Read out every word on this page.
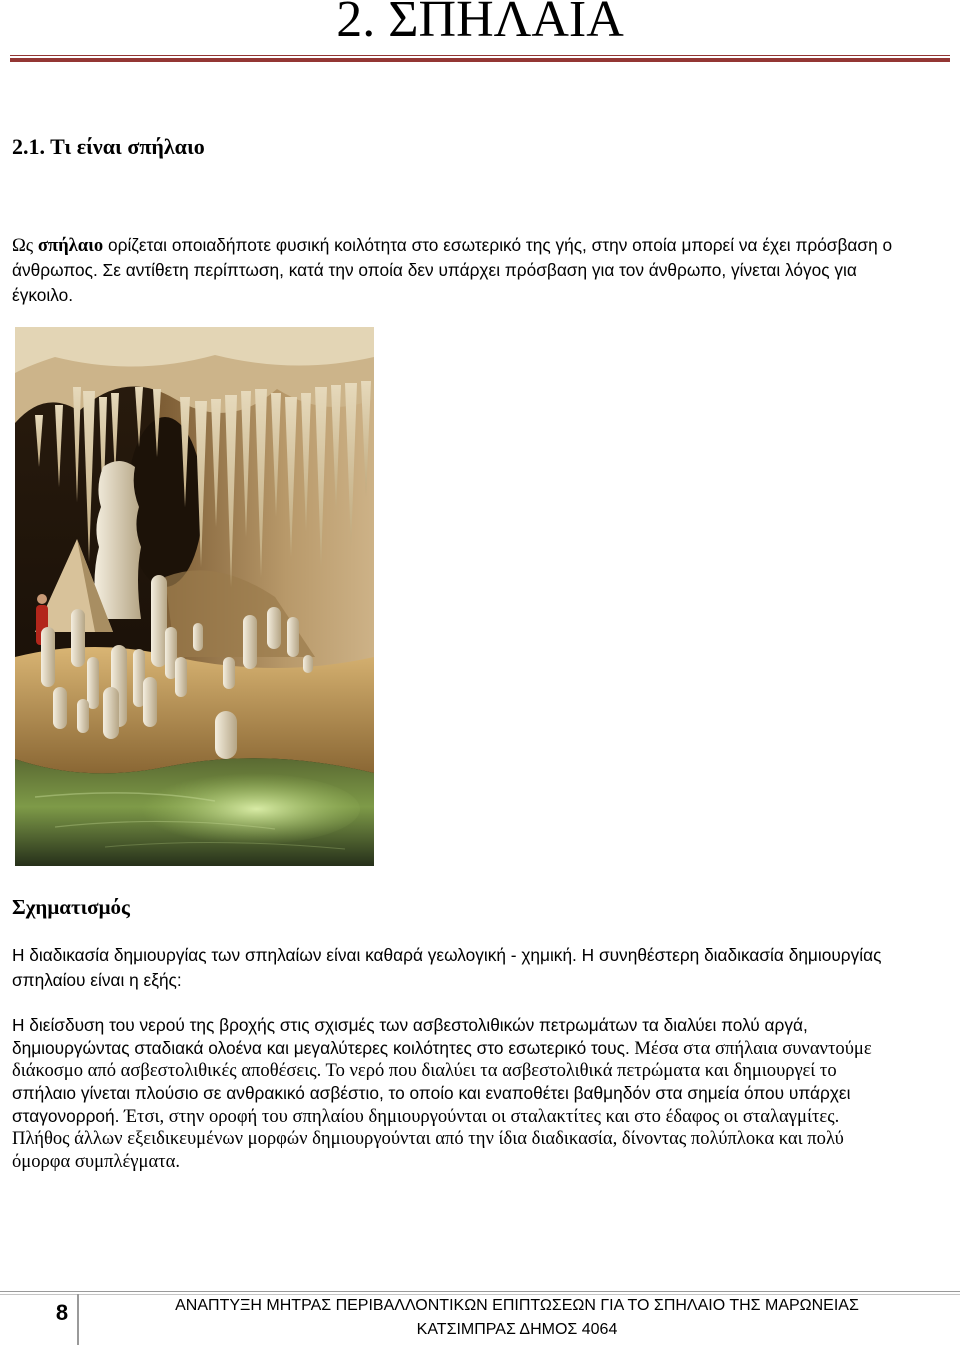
2. ΣΠΗΛΑΙΑ
2.1. Τι είναι σπήλαιο
Ως σπήλαιο ορίζεται οποιαδήποτε φυσική κοιλότητα στο εσωτερικό της γής, στην οποία μπορεί να έχει πρόσβαση ο
άνθρωπος. Σε αντίθετη περίπτωση, κατά την οποία δεν υπάρχει πρόσβαση για τον άνθρωπο, γίνεται λόγος για
έγκοιλο.
Σχηματισμός
Η διαδικασία δημιουργίας των σπηλαίων είναι καθαρά γεωλογική - χημική. Η συνηθέστερη διαδικασία δημιουργίας
σπηλαίου είναι η εξής:
Η διείσδυση του νερού της βροχής στις σχισμές των ασβεστολιθικών πετρωμάτων τα διαλύει πολύ αργά,
δημιουργώντας σταδιακά ολοένα και μεγαλύτερες κοιλότητες στο εσωτερικό τους. Μέσα στα σπήλαια συναντούμε
διάκοσμο από ασβεστολιθικές αποθέσεις. Το νερό που διαλύει τα ασβεστολιθικά πετρώματα και δημιουργεί το
σπήλαιο γίνεται πλούσιο σε ανθρακικό ασβέστιο, το οποίο και εναποθέτει βαθμηδόν στα σημεία όπου υπάρχει
σταγονορροή. Έτσι, στην οροφή του σπηλαίου δημιουργούνται οι σταλακτίτες και στο έδαφος οι σταλαγμίτες.
Πλήθος άλλων εξειδικευμένων μορφών δημιουργούνται από την ίδια διαδικασία, δίνοντας πολύπλοκα και πολύ
όμορφα συμπλέγματα.
8	ΑΝΑΠΤΥΞΗ ΜΗΤΡΑΣ ΠΕΡΙΒΑΛΛΟΝΤΙΚΩΝ ΕΠΙΠΤΩΣΕΩΝ ΓΙΑ ΤΟ ΣΠΗΛΑΙΟ ΤΗΣ ΜΑΡΩΝΕΙΑΣ
ΚΑΤΣΙΜΠΡΑΣ ΔΗΜΟΣ 4064
